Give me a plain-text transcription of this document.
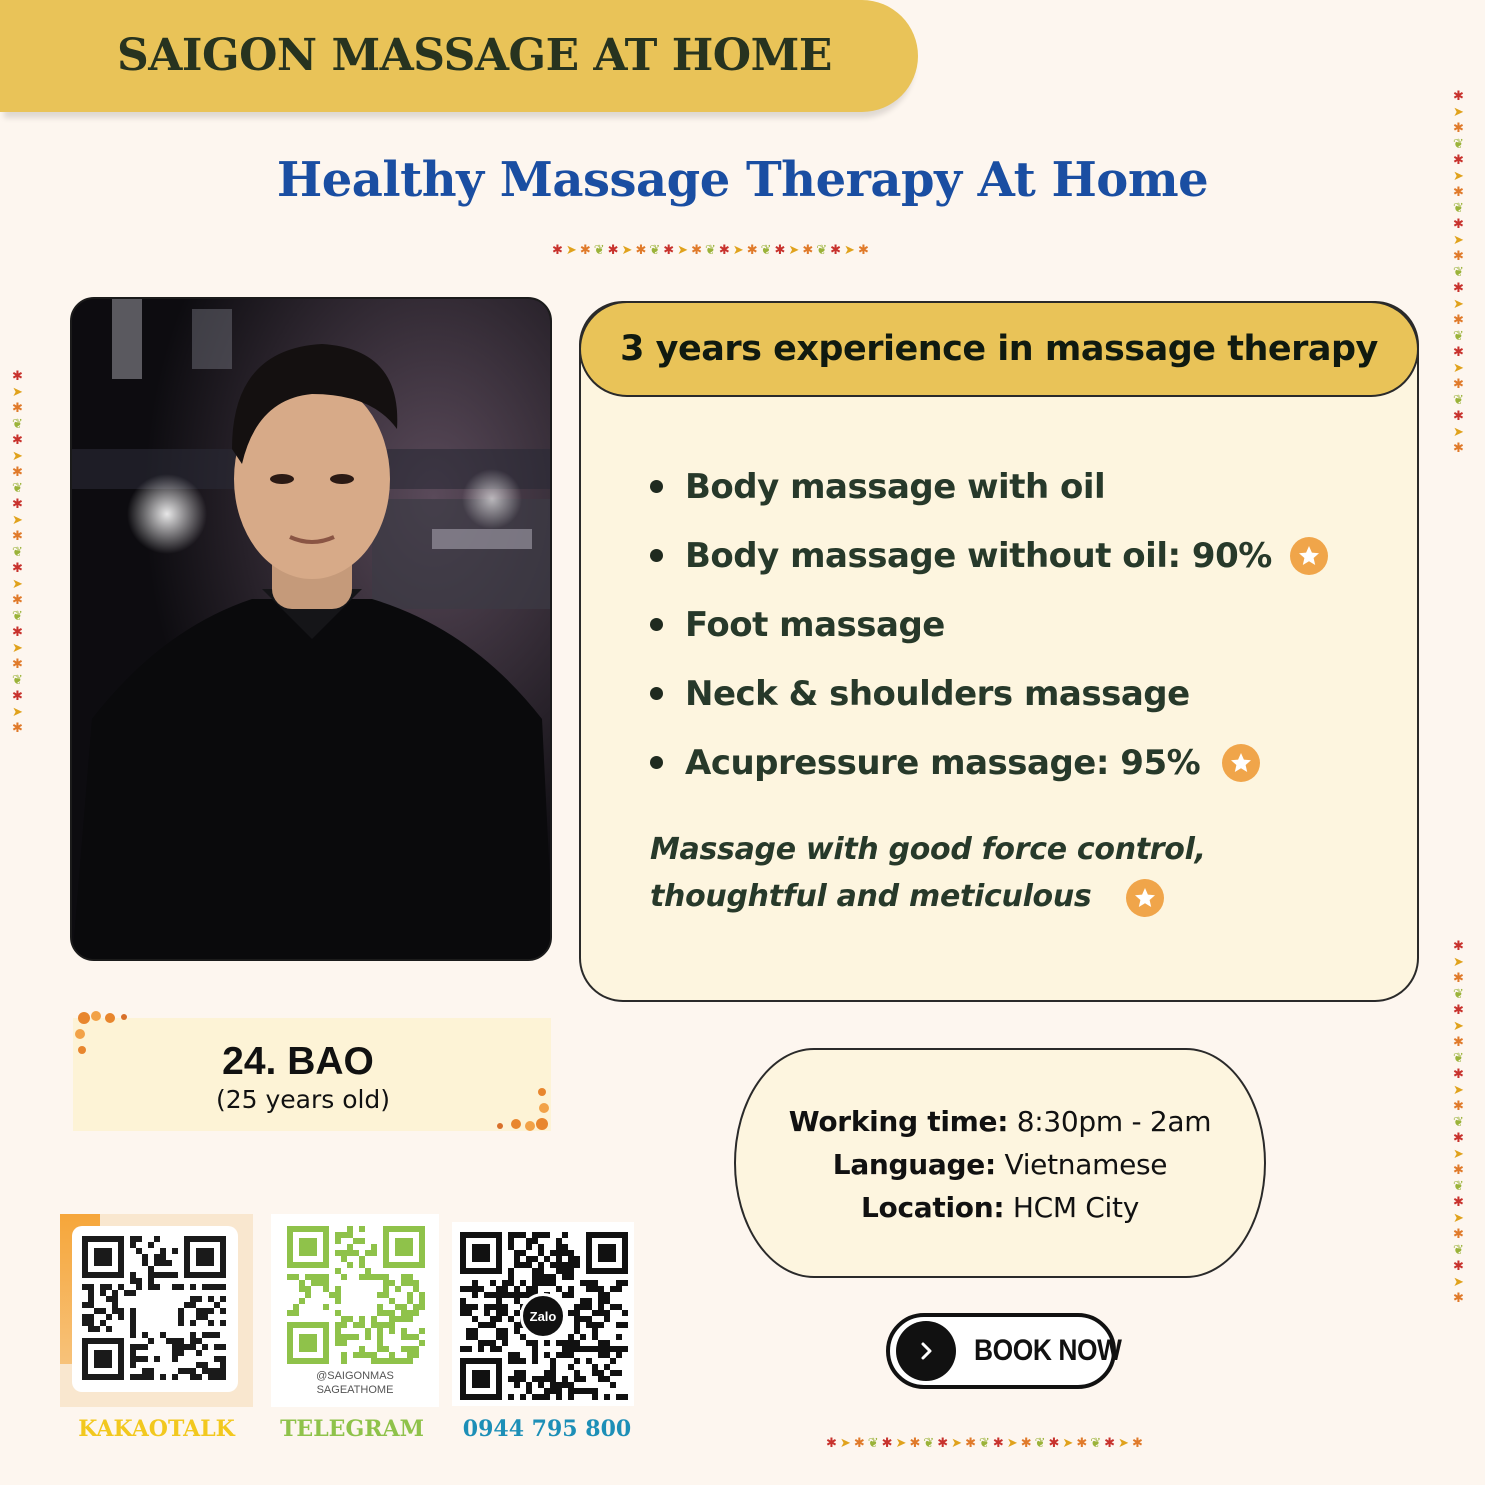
SAIGON MASSAGE AT HOME
Healthy Massage Therapy At Home
✱ ➤ ✱ ❦ ✱ ➤ ✱ ❦ ✱ ➤ ✱ ❦ ✱ ➤ ✱ ❦ ✱ ➤ ✱ ❦ ✱ ➤ ✱
✱ ➤ ✱ ❦ ✱ ➤ ✱ ❦ ✱ ➤ ✱ ❦ ✱ ➤ ✱ ❦ ✱ ➤ ✱ ❦ ✱ ➤ ✱
✱
➤
✱
❦
✱
➤
✱
❦
✱
➤
✱
❦
✱
➤
✱
❦
✱
➤
✱
❦
✱
➤
✱
✱
➤
✱
❦
✱
➤
✱
❦
✱
➤
✱
❦
✱
➤
✱
❦
✱
➤
✱
❦
✱
➤
✱
✱
➤
✱
❦
✱
➤
✱
❦
✱
➤
✱
❦
✱
➤
✱
❦
✱
➤
✱
❦
✱
➤
✱
3 years experience in massage therapy
Body massage with oil
Body massage without oil: 90%
Foot massage
Neck & shoulders massage
Acupressure massage: 95%
Massage with good force control, thoughtful and meticulous
24. BAO
(25 years old)
Working time: 8:30pm - 2am
Language: Vietnamese
Location: HCM City
BOOK NOW
KAKAOTALK
@SAIGONMAS
SAGEATHOME
TELEGRAM
Zalo
0944 795 800
